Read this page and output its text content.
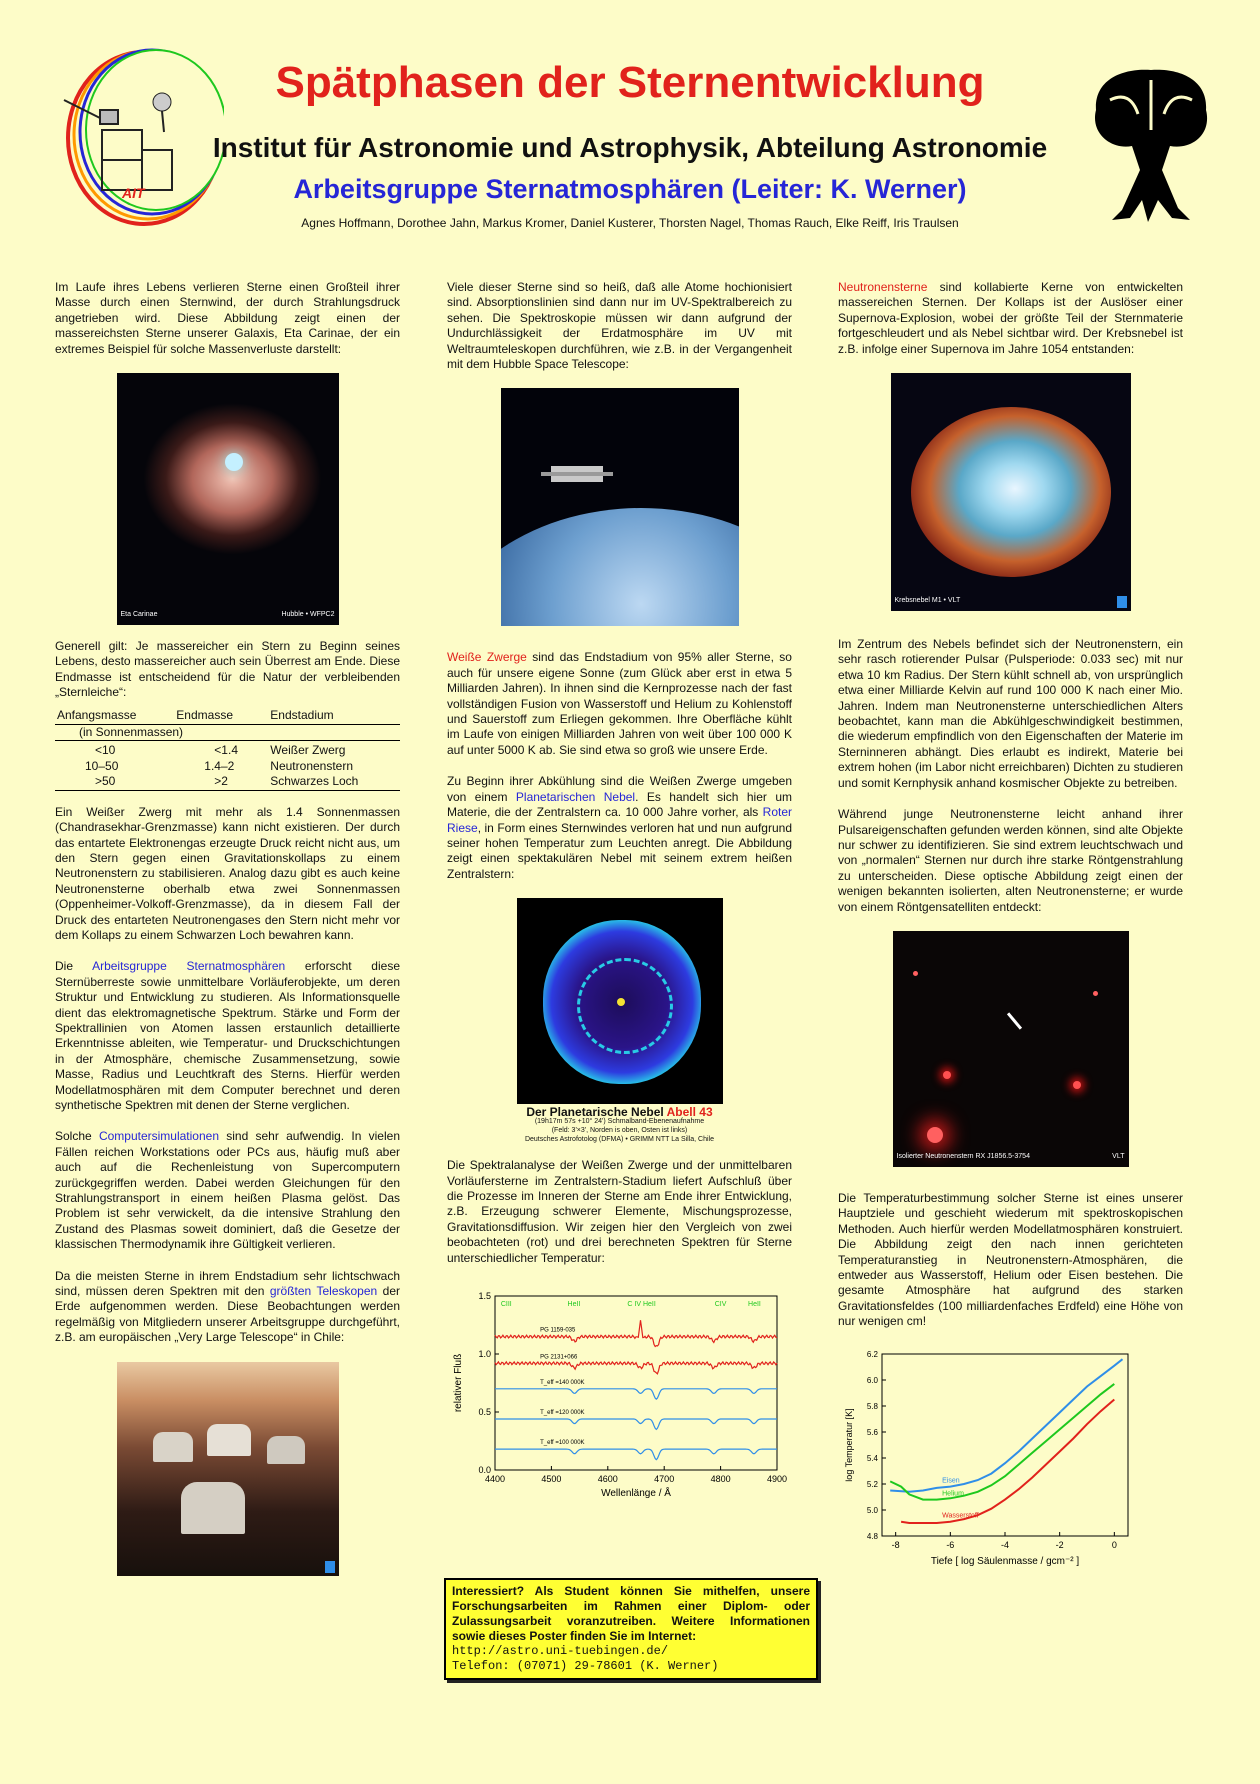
AIT
Spätphasen der Sternentwicklung
Institut für Astronomie und Astrophysik, Abteilung Astronomie
Arbeitsgruppe Sternatmosphären (Leiter: K. Werner)
Agnes Hoffmann, Dorothee Jahn, Markus Kromer, Daniel Kusterer, Thorsten Nagel, Thomas Rauch, Elke Reiff, Iris Traulsen

Im Laufe ihres Lebens verlieren Sterne einen Großteil ihrer Masse durch einen Sternwind, der durch Strahlungsdruck angetrieben wird. Diese Abbildung zeigt einen der massereichsten Sterne unserer Galaxis, Eta Carinae, der ein extremes Beispiel für solche Massenverluste darstellt:

Eta Carinae	Hubble • WFPC2

Generell gilt: Je massereicher ein Stern zu Beginn seines Lebens, desto massereicher auch sein Überrest am Ende. Diese Endmasse ist entscheidend für die Natur der verbleibenden „Sternleiche“:

Anfangsmasse	Endmasse	Endstadium
(in Sonnenmassen)		
<10	<1.4	Weißer Zwerg
10–50	1.4–2	Neutronenstern
>50	>2	Schwarzes Loch

Ein Weißer Zwerg mit mehr als 1.4 Sonnenmassen (Chandrasekhar-Grenzmasse) kann nicht existieren. Der durch das entartete Elektronengas erzeugte Druck reicht nicht aus, um den Stern gegen einen Gravitationskollaps zu einem Neutronenstern zu stabilisieren. Analog dazu gibt es auch keine Neutronensterne oberhalb etwa zwei Sonnenmassen (Oppenheimer-Volkoff-Grenzmasse), da in diesem Fall der Druck des entarteten Neutronengases den Stern nicht mehr vor dem Kollaps zu einem Schwarzen Loch bewahren kann.

Die Arbeitsgruppe Sternatmosphären erforscht diese Sternüberreste sowie unmittelbare Vorläuferobjekte, um deren Struktur und Entwicklung zu studieren. Als Informationsquelle dient das elektromagnetische Spektrum. Stärke und Form der Spektrallinien von Atomen lassen erstaunlich detaillierte Erkenntnisse ableiten, wie Temperatur- und Druckschichtungen in der Atmosphäre, chemische Zusammensetzung, sowie Masse, Radius und Leuchtkraft des Sterns. Hierfür werden Modellatmosphären mit dem Computer berechnet und deren synthetische Spektren mit denen der Sterne verglichen.

Solche Computersimulationen sind sehr aufwendig. In vielen Fällen reichen Workstations oder PCs aus, häufig muß aber auch auf die Rechenleistung von Supercomputern zurückgegriffen werden. Dabei werden Gleichungen für den Strahlungstransport in einem heißen Plasma gelöst. Das Problem ist sehr verwickelt, da die intensive Strahlung den Zustand des Plasmas soweit dominiert, daß die Gesetze der klassischen Thermodynamik ihre Gültigkeit verlieren.

Da die meisten Sterne in ihrem Endstadium sehr lichtschwach sind, müssen deren Spektren mit den größten Teleskopen der Erde aufgenommen werden. Diese Beobachtungen werden regelmäßig von Mitgliedern unserer Arbeitsgruppe durchgeführt, z.B. am europäischen „Very Large Telescope“ in Chile:

Viele dieser Sterne sind so heiß, daß alle Atome hochionisiert sind. Absorptionslinien sind dann nur im UV-Spektralbereich zu sehen. Die Spektroskopie müssen wir dann aufgrund der Undurchlässigkeit der Erdatmosphäre im UV mit Weltraumteleskopen durchführen, wie z.B. in der Vergangenheit mit dem Hubble Space Telescope:

Weiße Zwerge sind das Endstadium von 95% aller Sterne, so auch für unsere eigene Sonne (zum Glück aber erst in etwa 5 Milliarden Jahren). In ihnen sind die Kernprozesse nach der fast vollständigen Fusion von Wasserstoff und Helium zu Kohlenstoff und Sauerstoff zum Erliegen gekommen. Ihre Oberfläche kühlt im Laufe von einigen Milliarden Jahren von weit über 100 000 K auf unter 5000 K ab. Sie sind etwa so groß wie unsere Erde.

Zu Beginn ihrer Abkühlung sind die Weißen Zwerge umgeben von einem Planetarischen Nebel. Es handelt sich hier um Materie, die der Zentralstern ca. 10 000 Jahre vorher, als Roter Riese, in Form eines Sternwindes verloren hat und nun aufgrund seiner hohen Temperatur zum Leuchten anregt. Die Abbildung zeigt einen spektakulären Nebel mit seinem extrem heißen Zentralstern:

Der Planetarische Nebel Abell 43
(19h17m 57s +10° 24') Schmalband-Ebenenaufnahme
(Feld: 3'×3', Norden is oben, Osten ist links)
Deutsches Astrofotolog (DFMA) • GRIMM NTT La Silla, Chile

Die Spektralanalyse der Weißen Zwerge und der unmittelbaren Vorläufersterne im Zentralstern-Stadium liefert Aufschluß über die Prozesse im Inneren der Sterne am Ende ihrer Entwicklung, z.B. Erzeugung schwerer Elemente, Mischungsprozesse, Gravitationsdiffusion. Wir zeigen hier den Vergleich von zwei beobachteten (rot) und drei berechneten Spektren für Sterne unterschiedlicher Temperatur:

4400	4500	4600	4700	4800	4900
0.0
0.5
1.0
1.5
Wellenlänge / Å
relativer Fluß
CIII	HeII	C IV HeII	CIV	HeII
PG 1159-035
PG 2131+066
T_eff =140 000K
T_eff =120 000K
T_eff =100 000K

Neutronensterne sind kollabierte Kerne von entwickelten massereichen Sternen. Der Kollaps ist der Auslöser einer Supernova-Explosion, wobei der größte Teil der Sternmaterie fortgeschleudert und als Nebel sichtbar wird. Der Krebsnebel ist z.B. infolge einer Supernova im Jahre 1054 entstanden:

Krebsnebel M1 • VLT

Im Zentrum des Nebels befindet sich der Neutronenstern, ein sehr rasch rotierender Pulsar (Pulsperiode: 0.033 sec) mit nur etwa 10 km Radius. Der Stern kühlt schnell ab, von ursprünglich etwa einer Milliarde Kelvin auf rund 100 000 K nach einer Mio. Jahren. Indem man Neutronensterne unterschiedlichen Alters beobachtet, kann man die Abkühlgeschwindigkeit bestimmen, die wiederum empfindlich von den Eigenschaften der Materie im Sterninneren abhängt. Dies erlaubt es indirekt, Materie bei extrem hohen (im Labor nicht erreichbaren) Dichten zu studieren und somit Kernphysik anhand kosmischer Objekte zu betreiben.

Während junge Neutronensterne leicht anhand ihrer Pulsareigenschaften gefunden werden können, sind alte Objekte nur schwer zu identifizieren. Sie sind extrem leuchtschwach und von „normalen“ Sternen nur durch ihre starke Röntgenstrahlung zu unterscheiden. Diese optische Abbildung zeigt einen der wenigen bekannten isolierten, alten Neutronensterne; er wurde von einem Röntgensatelliten entdeckt:

Isolierter Neutronenstern RX J1856.5-3754	VLT

Die Temperaturbestimmung solcher Sterne ist eines unserer Hauptziele und geschieht wiederum mit spektroskopischen Methoden. Auch hierfür werden Modellatmosphären konstruiert. Die Abbildung zeigt den nach innen gerichteten Temperaturanstieg in Neutronenstern-Atmosphären, die entweder aus Wasserstoff, Helium oder Eisen bestehen. Die gesamte Atmosphäre hat aufgrund des starken Gravitationsfeldes (100 milliardenfaches Erdfeld) eine Höhe von nur wenigen cm!

-8	-6	-4	-2	0
4.8
5.0
5.2
5.4
5.6
5.8
6.0
6.2
Tiefe [ log Säulenmasse / gcm⁻² ]
log Temperatur [K]	Eisen
Helium
Wasserstoff
Interessiert? Als Student können Sie mithelfen, unsere Forschungsarbeiten im Rahmen einer Diplom- oder Zulassungsarbeit voranzutreiben. Weitere Informationen sowie dieses Poster finden Sie im Internet:
http://astro.uni-tuebingen.de/
Telefon: (07071) 29-78601 (K. Werner)
